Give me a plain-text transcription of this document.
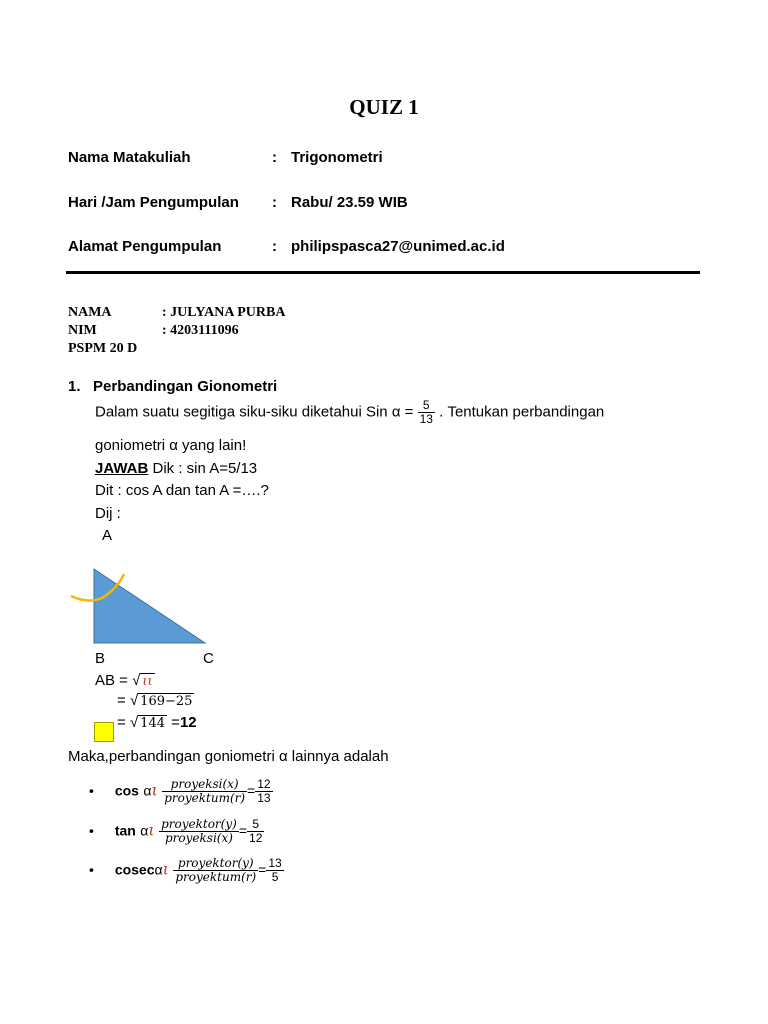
QUIZ 1
Nama Matakuliah	: Trigonometri
Hari /Jam Pengumpulan : Rabu/ 23.59 WIB
Alamat Pengumpulan	: philipspasca27@unimed.ac.id
NAMA	: JULYANA PURBA
NIM	: 4203111096
PSPM 20 D
1.   Perbandingan Gionometri
Dalam suatu segitiga siku-siku diketahui Sin $\alpha = \frac{5}{13}$ . Tentukan perbandingan
goniometri α yang lain!
JAWAB Dik : sin A=5/13
Dit : cos A dan tan A =….?
Dij :
A
B	C
AB = √ ιι
= √ 169−25
= √ 144 =12
Maka,perbandingan goniometri α lainnya adalah
• cos αι $\frac{\text{proyeksi(x)}}{\text{proyektum(r)}} = \frac{12}{13}$
• tan αι $\frac{\text{proyektor(y)}}{\text{proyeksi(x)}} = \frac{5}{12}$
• cosecαι $\frac{\text{proyektor(y)}}{\text{proyektum(r)}} = \frac{13}{5}$
